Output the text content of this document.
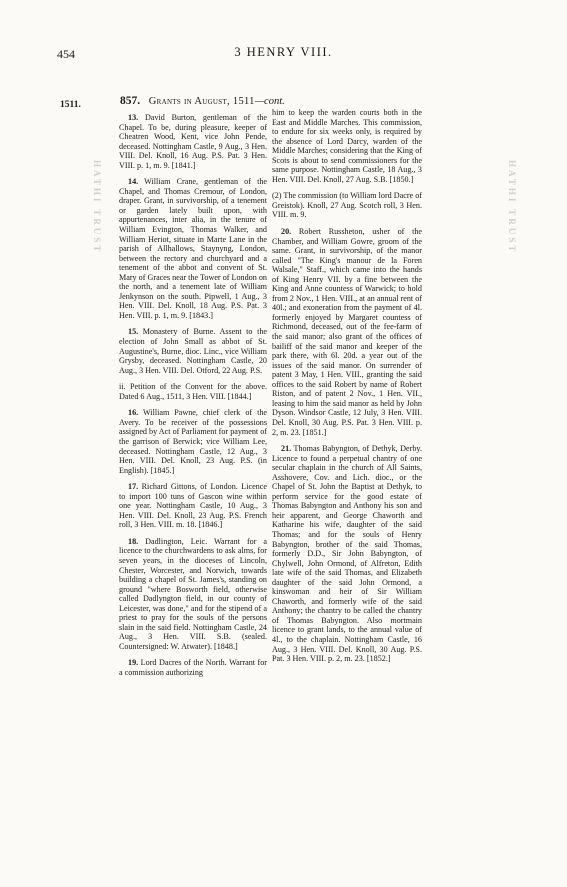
454	3 HENRY VIII.
1511.	857. Grants in August, 1511—cont.
HATHI TRUST	HATHI TRUST

13. David Burton, gentleman of the Chapel. To be, during pleasure, keeper of Cheatren Wood, Kent, vice John Pende, deceased. Nottingham Castle, 9 Aug., 3 Hen. VIII. Del. Knoll, 16 Aug. P.S. Pat. 3 Hen. VIII. p. 1, m. 9. [1841.]

14. William Crane, gentleman of the Chapel, and Thomas Cremour, of London, draper. Grant, in survivorship, of a tenement or garden lately built upon, with appurtenances, inter alia, in the tenure of William Evington, Thomas Walker, and William Heriot, situate in Marte Lane in the parish of Allhallows, Staynyng, London, between the rectory and churchyard and a tenement of the abbot and convent of St. Mary of Graces near the Tower of London on the north, and a tenement late of William Jenkynson on the south. Pipwell, 1 Aug., 3 Hen. VIII. Del. Knoll, 18 Aug. P.S. Pat. 3 Hen. VIII. p. 1, m. 9. [1843.]

15. Monastery of Burne. Assent to the election of John Small as abbot of St. Augustine's, Burne, dioc. Linc., vice William Grysby, deceased. Nottingham Castle, 20 Aug., 3 Hen. VIII. Del. Otford, 22 Aug. P.S.

ii. Petition of the Convent for the above. Dated 6 Aug., 1511, 3 Hen. VIII. [1844.]

16. William Pawne, chief clerk of the Avery. To be receiver of the possessions assigned by Act of Parliament for payment of the garrison of Berwick; vice William Lee, deceased. Nottingham Castle, 12 Aug., 3 Hen. VIII. Del. Knoll, 23 Aug. P.S. (in English). [1845.]

17. Richard Gittons, of London. Licence to import 100 tuns of Gascon wine within one year. Nottingham Castle, 10 Aug., 3 Hen. VIII. Del. Knoll, 23 Aug. P.S. French roll, 3 Hen. VIII. m. 18. [1846.]

18. Dadlington, Leic. Warrant for a licence to the churchwardens to ask alms, for seven years, in the dioceses of Lincoln, Chester, Worcester, and Norwich, towards building a chapel of St. James's, standing on ground "where Bosworth field, otherwise called Dadlyngton field, in our county of Leicester, was done," and for the stipend of a priest to pray for the souls of the persons slain in the said field. Nottingham Castle, 24 Aug., 3 Hen. VIII. S.B. (sealed. Countersigned: W. Atwater). [1848.]

19. Lord Dacres of the North. Warrant for a commission authorizing

him to keep the warden courts both in the East and Middle Marches. This commission, to endure for six weeks only, is required by the absence of Lord Darcy, warden of the Middle Marches; considering that the King of Scots is about to send commissioners for the same purpose. Nottingham Castle, 18 Aug., 3 Hen. VIII. Del. Knoll, 27 Aug. S.B. [1850.]

(2) The commission (to William lord Dacre of Greistok). Knoll, 27 Aug. Scotch roll, 3 Hen. VIII. m. 9.

20. Robert Russheton, usher of the Chamber, and William Gowre, groom of the same. Grant, in survivorship, of the manor called "The King's manour de la Foren Walsale," Staff., which came into the hands of King Henry VII. by a fine between the King and Anne countess of Warwick; to hold from 2 Nov., 1 Hen. VIII., at an annual rent of 40l.; and exoneration from the payment of 4l. formerly enjoyed by Margaret countess of Richmond, deceased, out of the fee-farm of the said manor; also grant of the offices of bailiff of the said manor and keeper of the park there, with 6l. 20d. a year out of the issues of the said manor. On surrender of patent 3 May, 1 Hen. VIII., granting the said offices to the said Robert by name of Robert Riston, and of patent 2 Nov., 1 Hen. VII., leasing to him the said manor as held by John Dyson. Windsor Castle, 12 July, 3 Hen. VIII. Del. Knoll, 30 Aug. P.S. Pat. 3 Hen. VIII. p. 2, m. 23. [1851.]

21. Thomas Babyngton, of Dethyk, Derby. Licence to found a perpetual chantry of one secular chaplain in the church of All Saints, Asshovere, Cov. and Lich. dioc., or the Chapel of St. John the Baptist at Dethyk, to perform service for the good estate of Thomas Babyngton and Anthony his son and heir apparent, and George Chaworth and Katharine his wife, daughter of the said Thomas; and for the souls of Henry Babyngton, brother of the said Thomas, formerly D.D., Sir John Babyngton, of Chylwell, John Ormond, of Alfreton, Edith late wife of the said Thomas, and Elizabeth daughter of the said John Ormond, a kinswoman and heir of Sir William Chaworth, and formerly wife of the said Anthony; the chantry to be called the chantry of Thomas Babyngton. Also mortmain licence to grant lands, to the annual value of 4l., to the chaplain. Nottingham Castle, 16 Aug., 3 Hen. VIII. Del. Knoll, 30 Aug. P.S. Pat. 3 Hen. VIII. p. 2, m. 23. [1852.]
